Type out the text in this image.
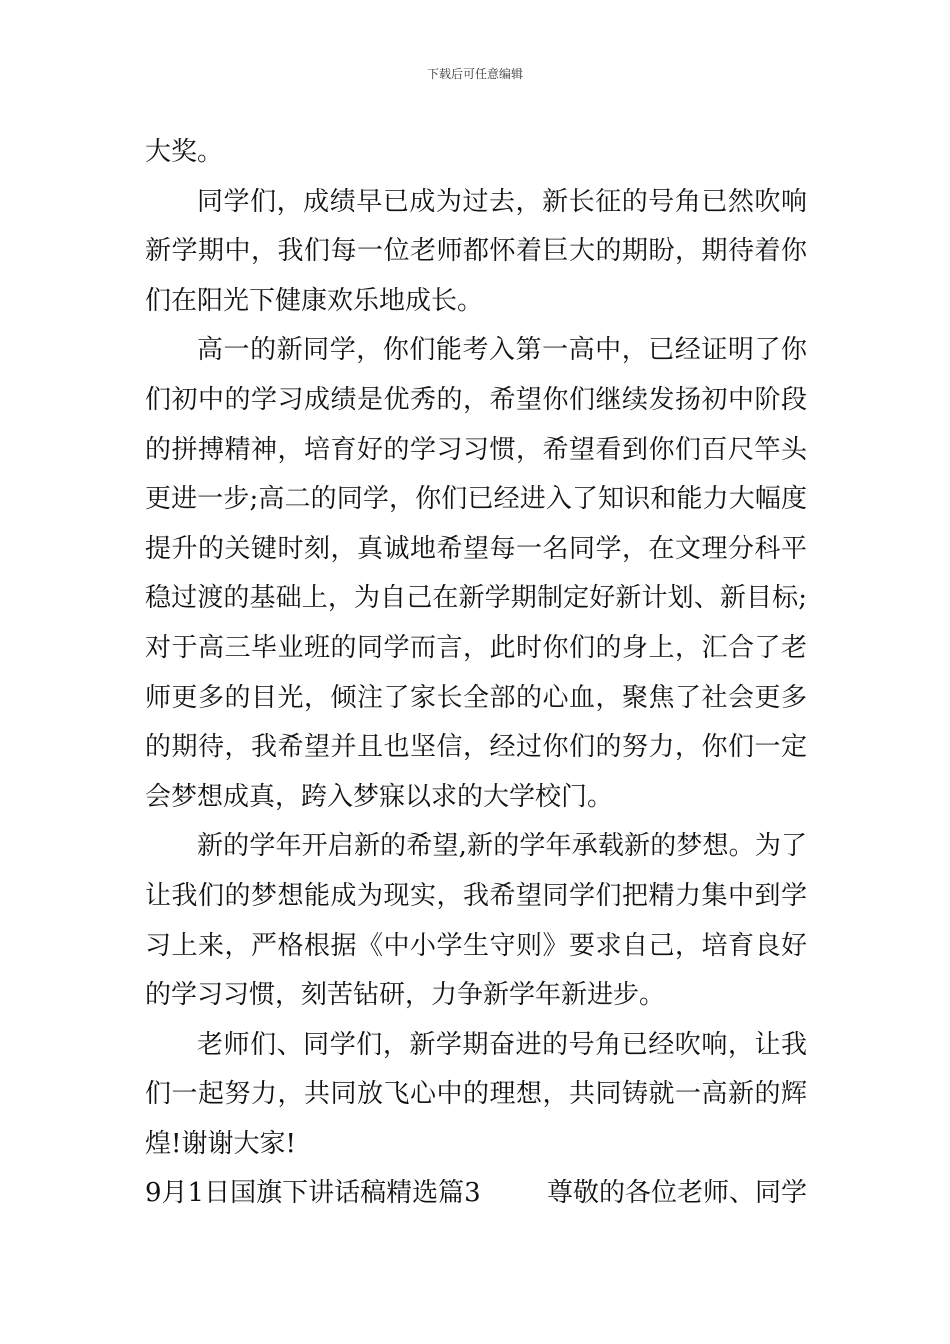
下载后可任意编辑
大奖。
同学们，成绩早已成为过去，新长征的号角已然吹响
新学期中，我们每一位老师都怀着巨大的期盼，期待着你
们在阳光下健康欢乐地成长。
高一的新同学，你们能考入第一高中，已经证明了你
们初中的学习成绩是优秀的，希望你们继续发扬初中阶段
的拼搏精神，培育好的学习习惯，希望看到你们百尺竿头
更进一步;高二的同学，你们已经进入了知识和能力大幅度
提升的关键时刻，真诚地希望每一名同学，在文理分科平
稳过渡的基础上，为自己在新学期制定好新计划、新目标;
对于高三毕业班的同学而言，此时你们的身上，汇合了老
师更多的目光，倾注了家长全部的心血，聚焦了社会更多
的期待，我希望并且也坚信，经过你们的努力，你们一定
会梦想成真，跨入梦寐以求的大学校门。
新的学年开启新的希望,新的学年承载新的梦想。为了
让我们的梦想能成为现实，我希望同学们把精力集中到学
习上来，严格根据《中小学生守则》要求自己，培育良好
的学习习惯，刻苦钻研，力争新学年新进步。
老师们、同学们，新学期奋进的号角已经吹响，让我
们一起努力，共同放飞心中的理想，共同铸就一高新的辉
煌!谢谢大家!
9月1日国旗下讲话稿精选篇3	尊敬的各位老师、同学
